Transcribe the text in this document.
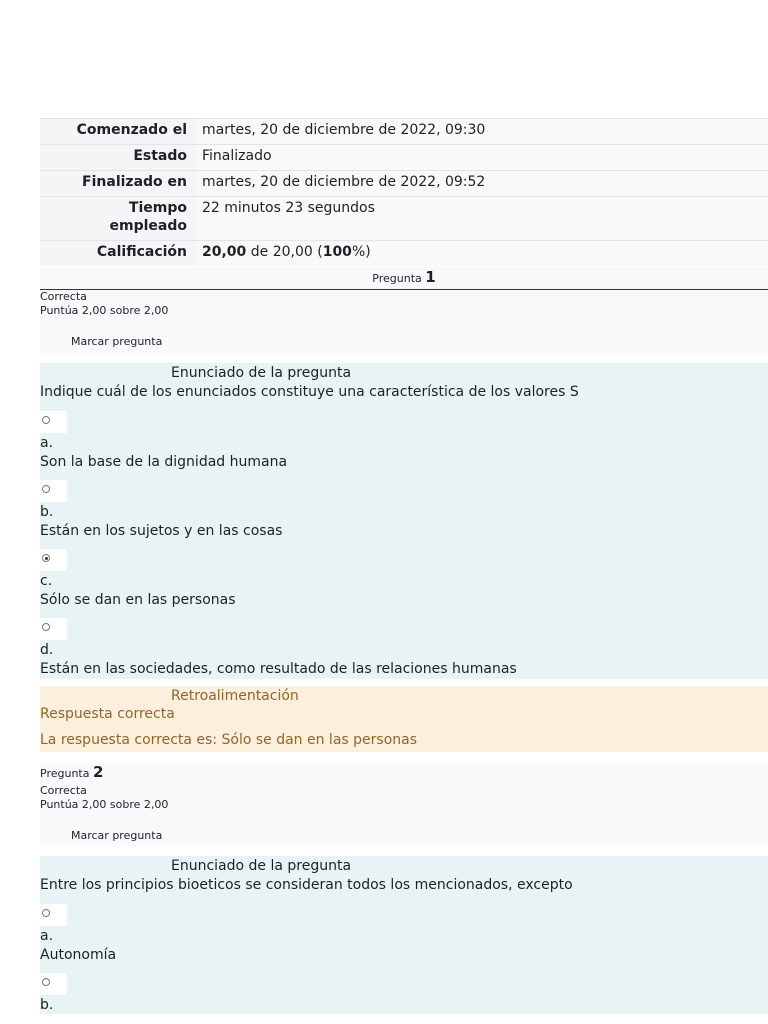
Comenzado el	martes, 20 de diciembre de 2022, 09:30
Estado	Finalizado
Finalizado en	martes, 20 de diciembre de 2022, 09:52
Tiempo
empleado	22 minutos 23 segundos
Calificación	20,00 de 20,00 (100%)
Pregunta 1
Correcta
Puntúa 2,00 sobre 2,00
Marcar pregunta
Enunciado de la pregunta
Indique cuál de los enunciados constituye una característica de los valores S
a.
Son la base de la dignidad humana
b.
Están en los sujetos y en las cosas
c.
Sólo se dan en las personas
d.
Están en las sociedades, como resultado de las relaciones humanas
Retroalimentación
Respuesta correcta
La respuesta correcta es: Sólo se dan en las personas
Pregunta 2
Correcta
Puntúa 2,00 sobre 2,00
Marcar pregunta
Enunciado de la pregunta
Entre los principios bioeticos se consideran todos los mencionados, excepto
a.
Autonomía
b.
